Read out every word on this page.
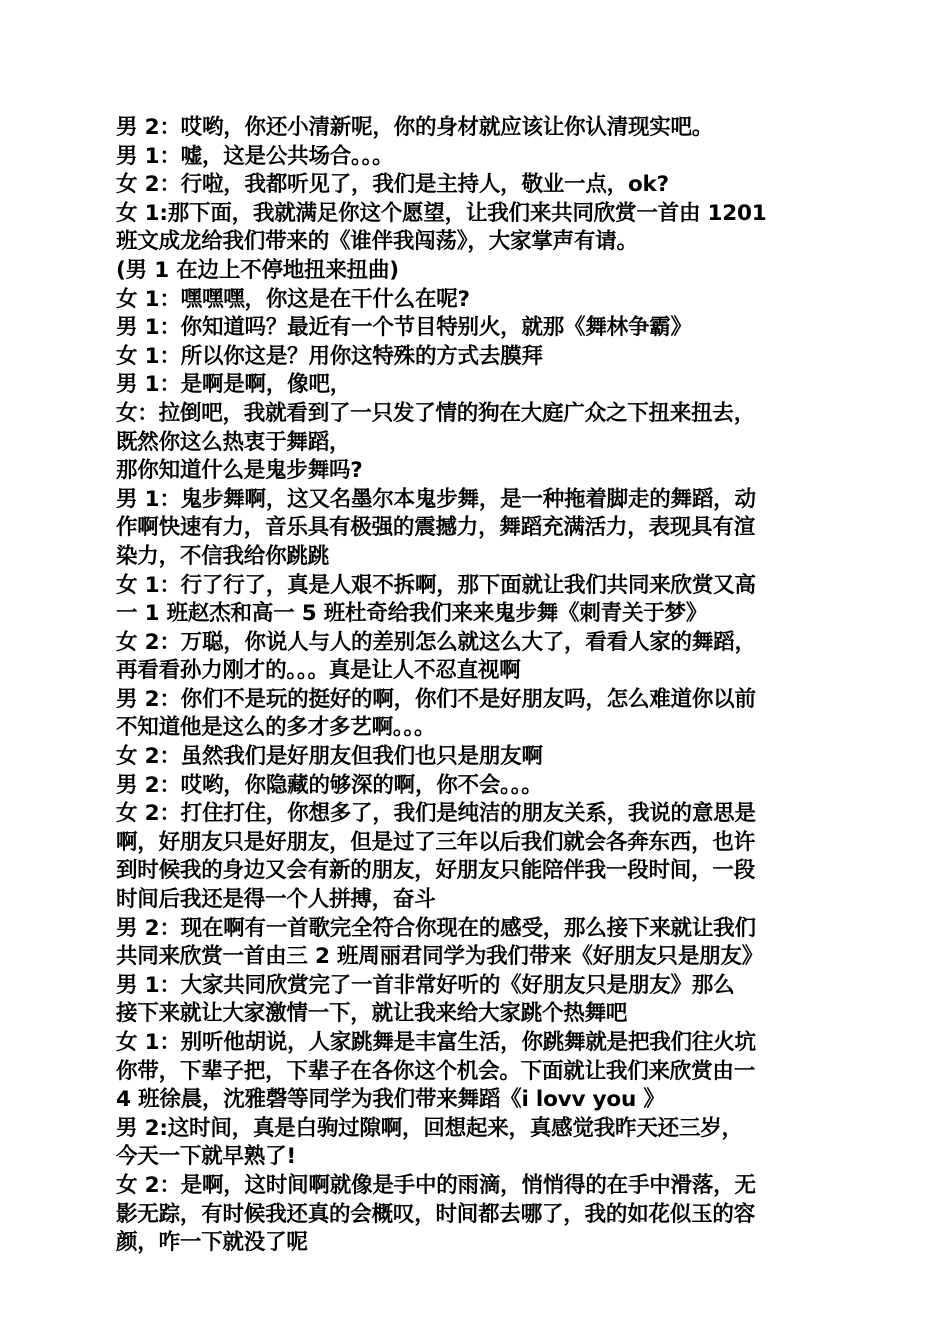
男 2：哎哟，你还小清新呢，你的身材就应该让你认清现实吧。
男 1：嘘，这是公共场合。。。
女 2：行啦，我都听见了，我们是主持人，敬业一点，ok?
女 1:那下面，我就满足你这个愿望，让我们来共同欣赏一首由 1201
班文成龙给我们带来的《谁伴我闯荡》，大家掌声有请。
(男 1 在边上不停地扭来扭曲)
女 1：嘿嘿嘿，你这是在干什么在呢?
男 1：你知道吗？最近有一个节目特别火，就那《舞林争霸》
女 1：所以你这是？用你这特殊的方式去膜拜
男 1：是啊是啊，像吧，
女：拉倒吧，我就看到了一只发了情的狗在大庭广众之下扭来扭去，
既然你这么热衷于舞蹈，
那你知道什么是鬼步舞吗?
男 1：鬼步舞啊，这又名墨尔本鬼步舞，是一种拖着脚走的舞蹈，动
作啊快速有力，音乐具有极强的震撼力，舞蹈充满活力，表现具有渲
染力，不信我给你跳跳
女 1：行了行了，真是人艰不拆啊，那下面就让我们共同来欣赏又高
一 1 班赵杰和高一 5 班杜奇给我们来来鬼步舞《刺青关于梦》
女 2：万聪，你说人与人的差别怎么就这么大了，看看人家的舞蹈，
再看看孙力刚才的。。。真是让人不忍直视啊
男 2：你们不是玩的挺好的啊，你们不是好朋友吗，怎么难道你以前
不知道他是这么的多才多艺啊。。。
女 2：虽然我们是好朋友但我们也只是朋友啊
男 2：哎哟，你隐藏的够深的啊，你不会。。。
女 2：打住打住，你想多了，我们是纯洁的朋友关系，我说的意思是
啊，好朋友只是好朋友，但是过了三年以后我们就会各奔东西，也许
到时候我的身边又会有新的朋友，好朋友只能陪伴我一段时间，一段
时间后我还是得一个人拼搏，奋斗
男 2：现在啊有一首歌完全符合你现在的感受，那么接下来就让我们
共同来欣赏一首由三 2 班周丽君同学为我们带来《好朋友只是朋友》
男 1：大家共同欣赏完了一首非常好听的《好朋友只是朋友》那么
接下来就让大家激情一下，就让我来给大家跳个热舞吧
女 1：别听他胡说，人家跳舞是丰富生活，你跳舞就是把我们往火坑
你带，下辈子把，下辈子在各你这个机会。下面就让我们来欣赏由一
4 班徐晨，沈雅磬等同学为我们带来舞蹈《i lovv you 》
男 2:这时间，真是白驹过隙啊，回想起来，真感觉我昨天还三岁，
今天一下就早熟了!
女 2：是啊，这时间啊就像是手中的雨滴，悄悄得的在手中滑落，无
影无踪，有时候我还真的会概叹，时间都去哪了，我的如花似玉的容
颜，咋一下就没了呢
